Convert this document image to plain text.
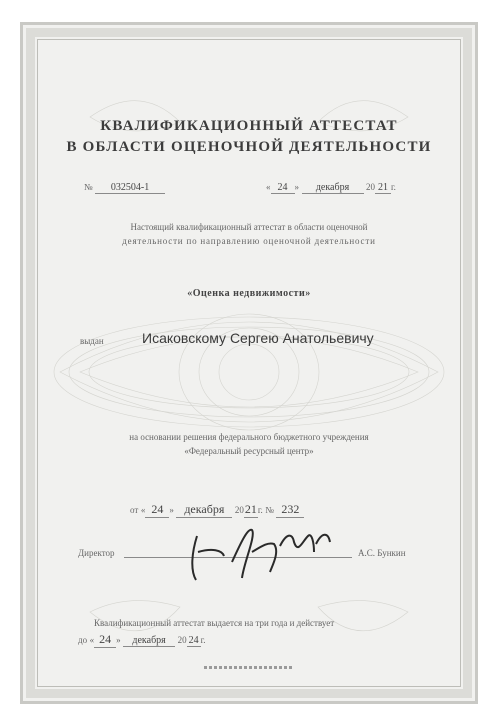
КВАЛИФИКАЦИОННЫЙ АТТЕСТАТ
В ОБЛАСТИ ОЦЕНОЧНОЙ ДЕЯТЕЛЬНОСТИ
№ 032504-1	« 24 » декабря 20 21 г.
Настоящий квалификационный аттестат в области оценочной
деятельности по направлению оценочной деятельности
«Оценка недвижимости»
выдан	Исаковскому Сергею Анатольевичу
на основании решения федерального бюджетного учреждения
«Федеральный ресурсный центр»
от « 24 » декабря 2021г. № 232
Директор	А.С. Бункин
Квалификационный аттестат выдается на три года и действует
до « 24 » декабря 20 24 г.
